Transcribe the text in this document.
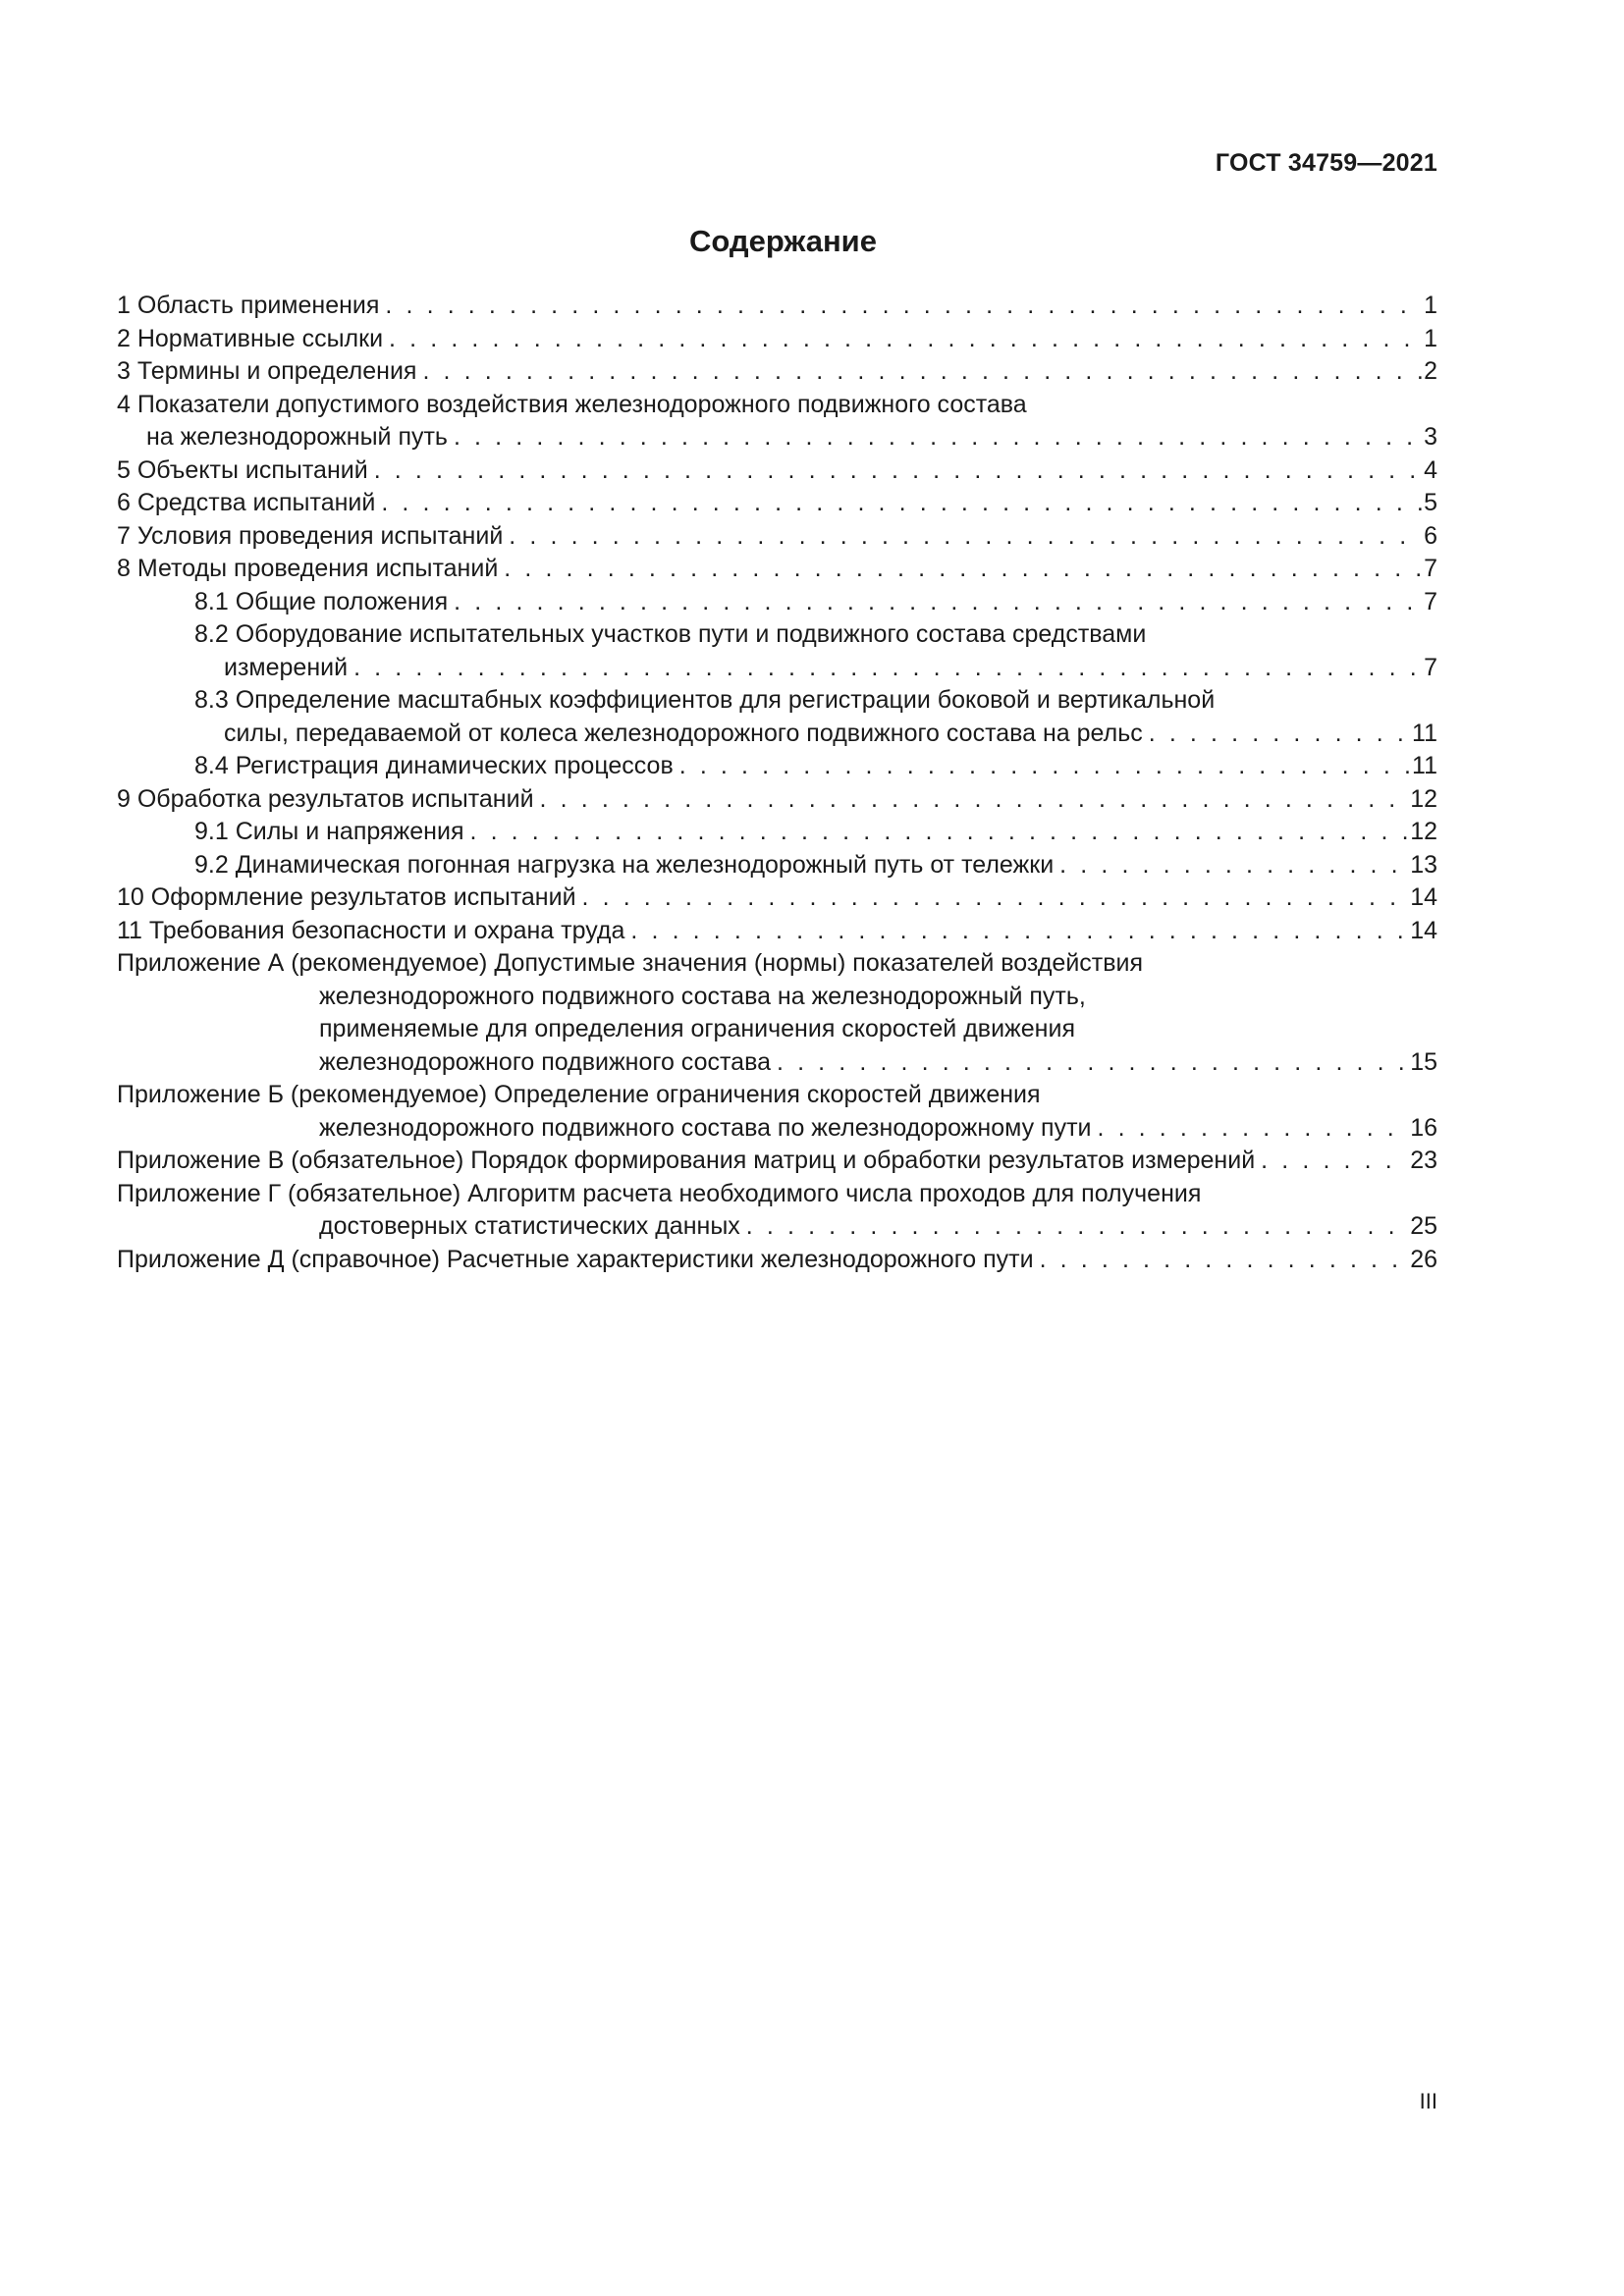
ГОСТ 34759—2021
Содержание
1 Область применения . . .	1
2 Нормативные ссылки . . .	1
3 Термины и определения . . .	2
4 Показатели допустимого воздействия железнодорожного подвижного состава
на железнодорожный путь . . .	3
5 Объекты испытаний . . .	4
6 Средства испытаний . . .	5
7 Условия проведения испытаний . . .	6
8 Методы проведения испытаний . . .	7
8.1 Общие положения . . .	7
8.2 Оборудование испытательных участков пути и подвижного состава средствами
измерений . . .	7
8.3 Определение масштабных коэффициентов для регистрации боковой и вертикальной
силы, передаваемой от колеса железнодорожного подвижного состава на рельс . . .	11
8.4 Регистрация динамических процессов . . .	11
9 Обработка результатов испытаний . . .	12
9.1 Силы и напряжения . . .	12
9.2 Динамическая погонная нагрузка на железнодорожный путь от тележки . . .	13
10 Оформление результатов испытаний . . .	14
11 Требования безопасности и охрана труда . . .	14
Приложение А (рекомендуемое) Допустимые значения (нормы) показателей воздействия
железнодорожного подвижного состава на железнодорожный путь,
применяемые для определения ограничения скоростей движения
железнодорожного подвижного состава . . .	15
Приложение Б (рекомендуемое) Определение ограничения скоростей движения
железнодорожного подвижного состава по железнодорожному пути . . .	16
Приложение В (обязательное) Порядок формирования матриц и обработки результатов измерений . . .	23
Приложение Г (обязательное) Алгоритм расчета необходимого числа проходов для получения
достоверных статистических данных . . .	25
Приложение Д (справочное) Расчетные характеристики железнодорожного пути . . .	26
III
